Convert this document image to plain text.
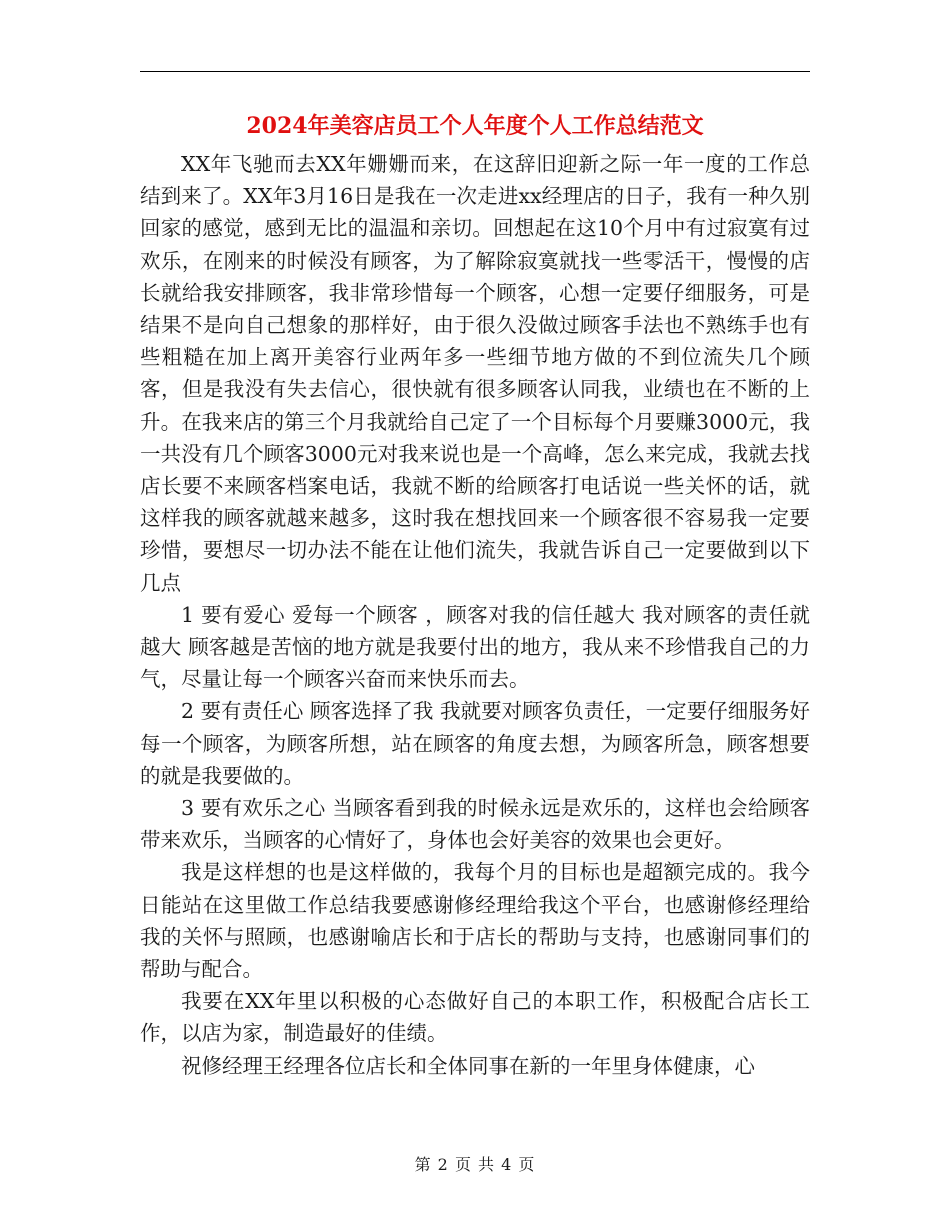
2024年美容店员工个人年度个人工作总结范文

XX年飞驰而去XX年姗姗而来，在这辞旧迎新之际一年一度的工作总结到来了。XX年3月16日是我在一次走进xx经理店的日子，我有一种久别回家的感觉，感到无比的温温和亲切。回想起在这10个月中有过寂寞有过欢乐，在刚来的时候没有顾客，为了解除寂寞就找一些零活干，慢慢的店长就给我安排顾客，我非常珍惜每一个顾客，心想一定要仔细服务，可是结果不是向自己想象的那样好，由于很久没做过顾客手法也不熟练手也有些粗糙在加上离开美容行业两年多一些细节地方做的不到位流失几个顾客，但是我没有失去信心，很快就有很多顾客认同我，业绩也在不断的上升。在我来店的第三个月我就给自己定了一个目标每个月要赚3000元，我一共没有几个顾客3000元对我来说也是一个高峰，怎么来完成，我就去找店长要不来顾客档案电话，我就不断的给顾客打电话说一些关怀的话，就这样我的顾客就越来越多，这时我在想找回来一个顾客很不容易我一定要珍惜，要想尽一切办法不能在让他们流失，我就告诉自己一定要做到以下几点

1 要有爱心 爱每一个顾客 ，顾客对我的信任越大 我对顾客的责任就越大 顾客越是苦恼的地方就是我要付出的地方，我从来不珍惜我自己的力气，尽量让每一个顾客兴奋而来快乐而去。

2 要有责任心 顾客选择了我 我就要对顾客负责任，一定要仔细服务好每一个顾客，为顾客所想，站在顾客的角度去想，为顾客所急，顾客想要的就是我要做的。

3 要有欢乐之心 当顾客看到我的时候永远是欢乐的，这样也会给顾客带来欢乐，当顾客的心情好了，身体也会好美容的效果也会更好。

我是这样想的也是这样做的，我每个月的目标也是超额完成的。我今日能站在这里做工作总结我要感谢修经理给我这个平台，也感谢修经理给我的关怀与照顾，也感谢喻店长和于店长的帮助与支持，也感谢同事们的帮助与配合。

我要在XX年里以积极的心态做好自己的本职工作，积极配合店长工作，以店为家，制造最好的佳绩。

祝修经理王经理各位店长和全体同事在新的一年里身体健康，心

第 2 页 共 4 页
